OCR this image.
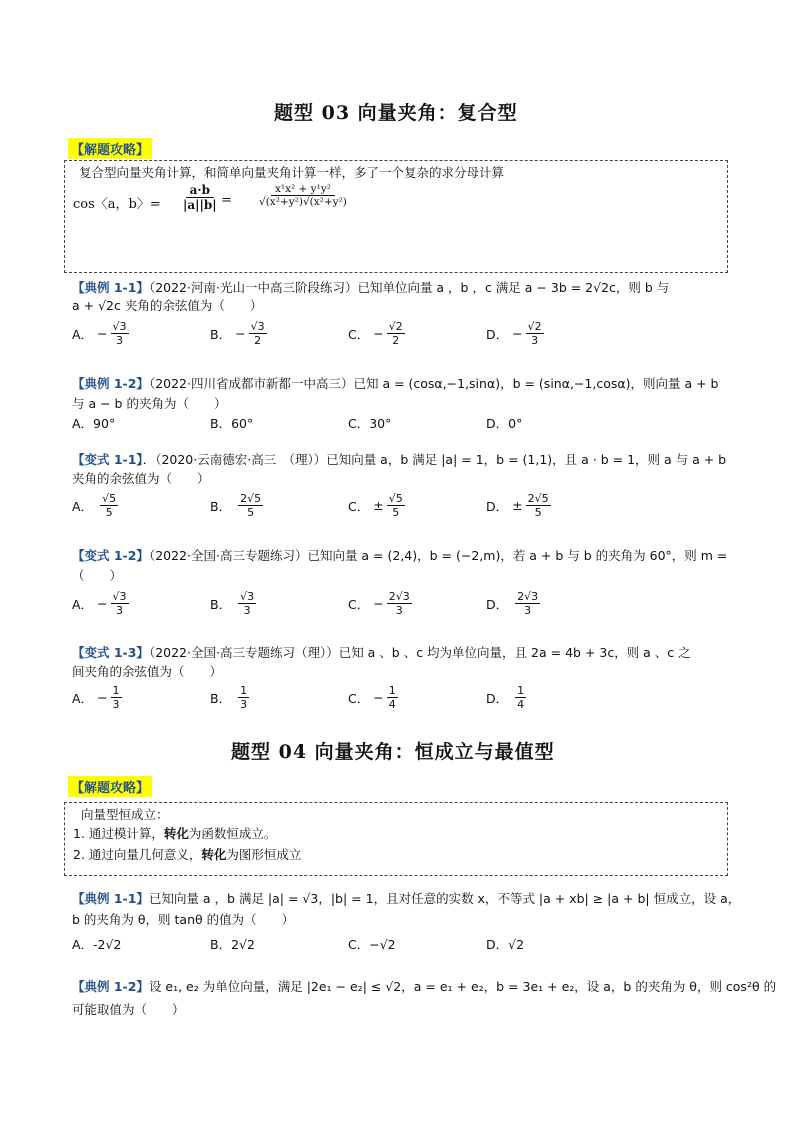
题型 03 向量夹角：复合型
【解题攻略】
复合型向量夹角计算，和简单向量夹角计算一样，多了一个复杂的求分母计算
cos〈a，b〉= $\frac{a\cdot b}{|a||b|} = \frac{\text{x¹x² + y¹y²}}{\text{√(x²+y²)√(x²+y²)}}$
【典例 1-1】（2022·河南·光山一中高三阶段练习）已知单位向量 a ，b ，c 满足 a − 3b = 2√2c，则 b 与
a + √2c 夹角的余弦值为（　　）
A． − $\frac{√3}{3}$	B． − $\frac{√3}{2}$	C． − $\frac{√2}{2}$	D． − $\frac{√2}{3}$
【典例 1-2】（2022·四川省成都市新都一中高三）已知 a = (cosα,−1,sinα)，b = (sinα,−1,cosα)，则向量 a + b
与 a − b 的夹角为（　　）
A．90°	B．60°	C．30°	D．0°
【变式 1-1】．（2020·云南德宏·高三　（理））已知向量 a，b 满足 |a| = 1，b = (1,1)，且 a · b = 1，则 a 与 a + b
夹角的余弦值为（　　）
A． $\frac{√5}{5}$	B． $\frac{2√5}{5}$	C． ± $\frac{√5}{5}$	D． ± $\frac{2√5}{5}$
【变式 1-2】（2022·全国·高三专题练习）已知向量 a = (2,4)，b = (−2,m)，若 a + b 与 b 的夹角为 60°，则 m =
（　　）
A． − $\frac{√3}{3}$	B． $\frac{√3}{3}$	C． − $\frac{2√3}{3}$	D． $\frac{2√3}{3}$
【变式 1-3】（2022·全国·高三专题练习（理））已知 a 、b 、c 均为单位向量，且 2a = 4b + 3c，则 a 、c 之
间夹角的余弦值为（　　）
A． − $\frac{1}{3}$	B． $\frac{1}{3}$	C． − $\frac{1}{4}$	D． $\frac{1}{4}$
题型 04 向量夹角：恒成立与最值型
【解题攻略】
向量型恒成立：
1. 通过模计算，转化为函数恒成立。
2. 通过向量几何意义，转化为图形恒成立
【典例 1-1】已知向量 a ，b 满足 |a| = √3，|b| = 1，且对任意的实数 x，不等式 |a + xb| ≥ |a + b| 恒成立，设 a，
b 的夹角为 θ，则 tanθ 的值为（　　）
A．-2√2	B．2√2	C．−√2	D．√2
【典例 1-2】设 e₁, e₂ 为单位向量，满足 |2e₁ − e₂| ≤ √2，a = e₁ + e₂，b = 3e₁ + e₂，设 a，b 的夹角为 θ，则 cos²θ 的
可能取值为（　　）
